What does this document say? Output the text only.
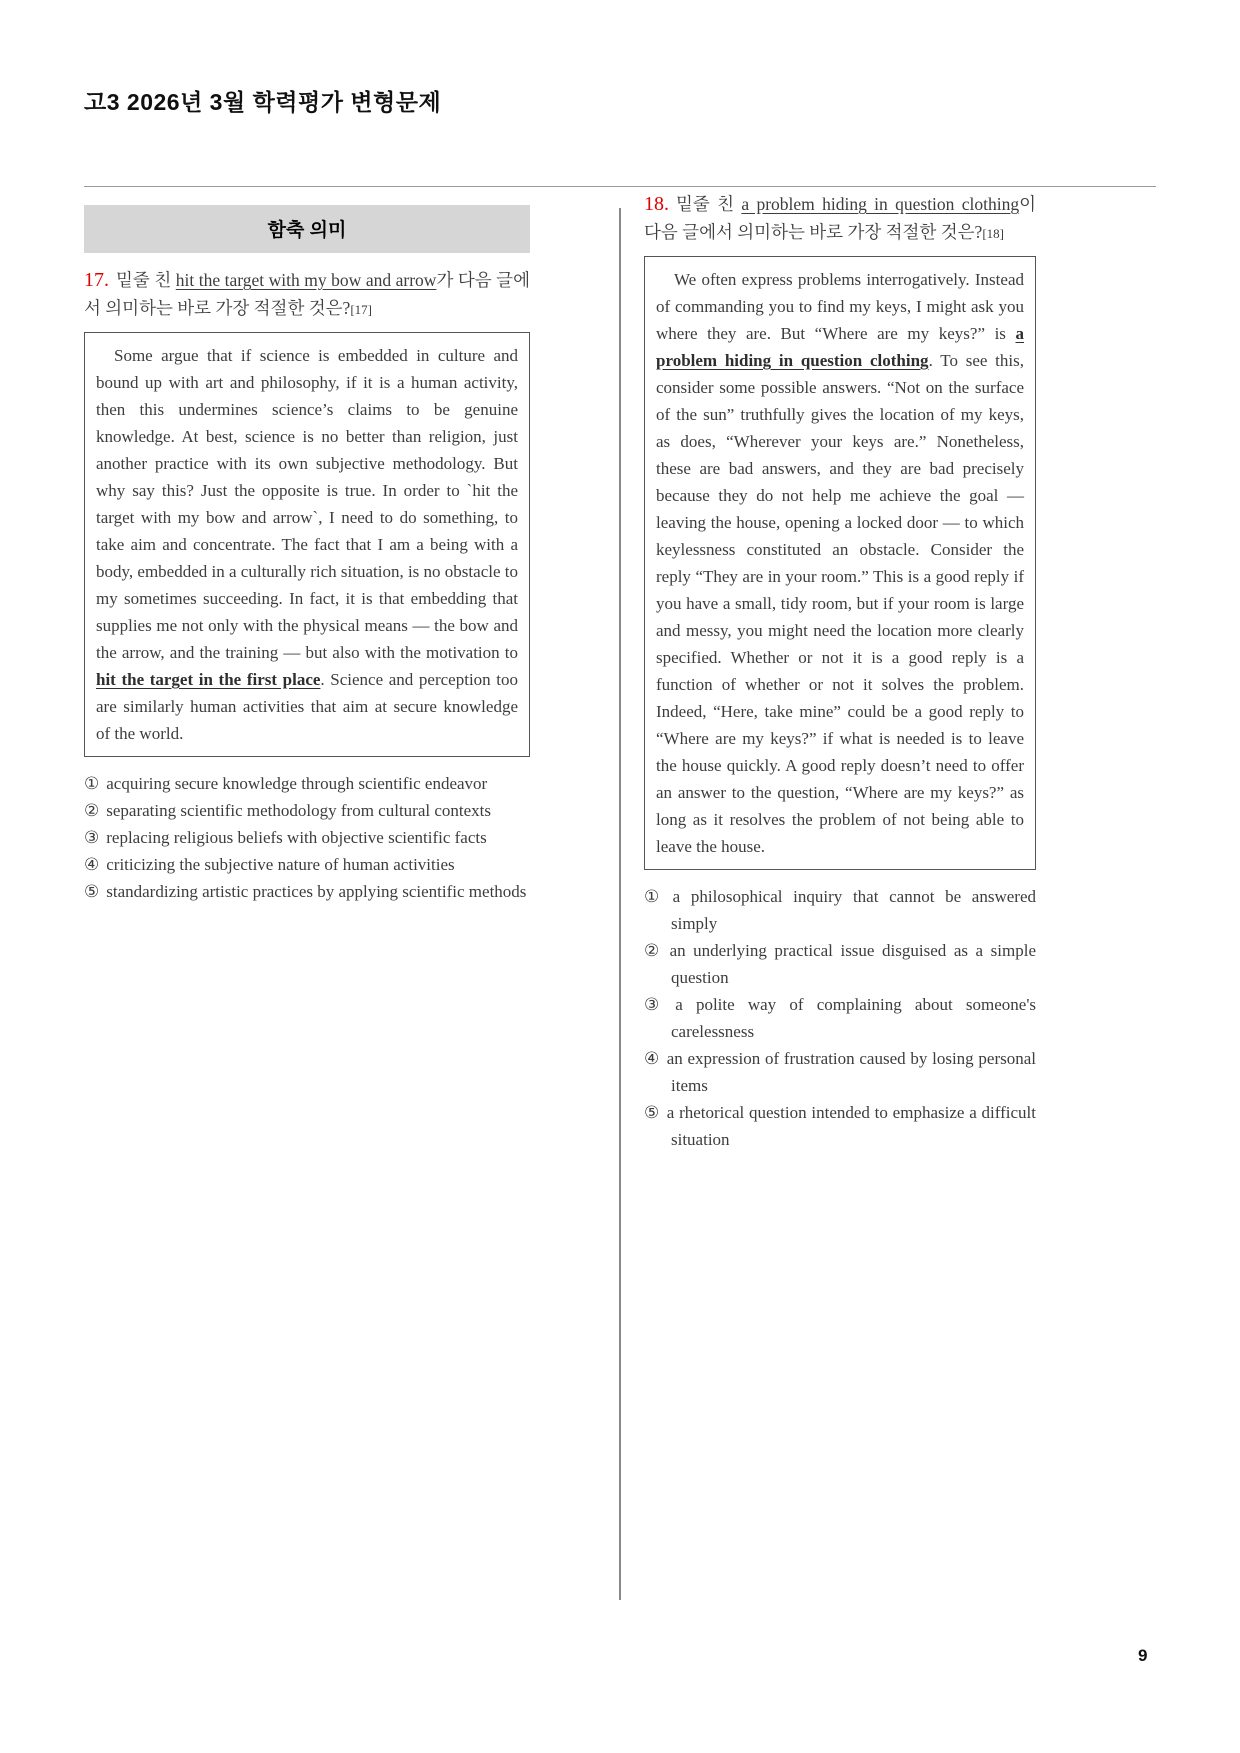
고3 2026년 3월 학력평가 변형문제
함축 의미

17. 밑줄 친 hit the target with my bow and arrow가 다음 글에서 의미하는 바로 가장 적절한 것은?[17]

Some argue that if science is embedded in culture and bound up with art and philosophy, if it is a human activity, then this undermines science’s claims to be genuine knowledge. At best, science is no better than religion, just another practice with its own subjective methodology. But why say this? Just the opposite is true. In order to `hit the target with my bow and arrow`, I need to do something, to take aim and concentrate. The fact that I am a being with a body, embedded in a culturally rich situation, is no obstacle to my sometimes succeeding. In fact, it is that embedding that supplies me not only with the physical means — the bow and the arrow, and the training — but also with the motivation to hit the target in the first place. Science and perception too are similarly human activities that aim at secure knowledge of the world.

① acquiring secure knowledge through scientific endeavor
② separating scientific methodology from cultural contexts
③ replacing religious beliefs with objective scientific facts
④ criticizing the subjective nature of human activities
⑤ standardizing artistic practices by applying scientific methods

18. 밑줄 친 a problem hiding in question clothing이 다음 글에서 의미하는 바로 가장 적절한 것은?[18]

We often express problems interrogatively. Instead of commanding you to find my keys, I might ask you where they are. But “Where are my keys?” is a problem hiding in question clothing. To see this, consider some possible answers. “Not on the surface of the sun” truthfully gives the location of my keys, as does, “Wherever your keys are.” Nonetheless, these are bad answers, and they are bad precisely because they do not help me achieve the goal — leaving the house, opening a locked door — to which keylessness constituted an obstacle. Consider the reply “They are in your room.” This is a good reply if you have a small, tidy room, but if your room is large and messy, you might need the location more clearly specified. Whether or not it is a good reply is a function of whether or not it solves the problem. Indeed, “Here, take mine” could be a good reply to “Where are my keys?” if what is needed is to leave the house quickly. A good reply doesn’t need to offer an answer to the question, “Where are my keys?” as long as it resolves the problem of not being able to leave the house.

① a philosophical inquiry that cannot be answered simply
② an underlying practical issue disguised as a simple question
③ a polite way of complaining about someone's carelessness
④ an expression of frustration caused by losing personal items
⑤ a rhetorical question intended to emphasize a difficult situation
9
